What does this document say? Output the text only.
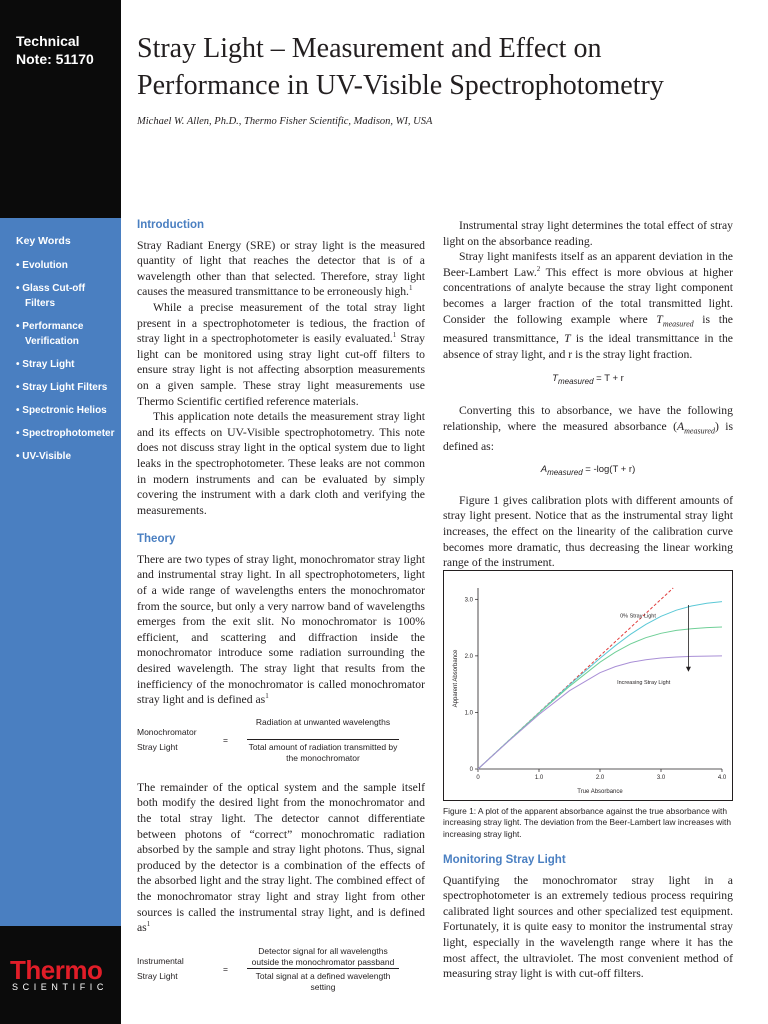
Technical
Note: 51170
Key Words
• Evolution
• Glass Cut-off Filters
• Performance Verification
• Stray Light
• Stray Light Filters
• Spectronic Helios
• Spectrophotometer
• UV-Visible
Thermo
SCIENTIFIC
Stray Light – Measurement and Effect on
Performance in UV-Visible Spectrophotometry
Michael W. Allen, Ph.D., Thermo Fisher Scientific, Madison, WI, USA
Introduction

Stray Radiant Energy (SRE) or stray light is the measured quantity of light that reaches the detector that is of a wavelength other than that selected. Therefore, stray light causes the measured transmittance to be erroneously high.$^1$

While a precise measurement of the total stray light present in a spectrophotometer is tedious, the fraction of stray light in a spectrophotometer is easily evaluated.$^1$ Stray light can be monitored using stray light cut-off filters to ensure stray light is not affecting absorption measurements on a given sample. These stray light measurements use Thermo Scientific certified reference materials.

This application note details the measurement stray light and its effects on UV-Visible spectrophotometry. This note does not discuss stray light in the optical system due to light leaks in the spectrophotometer. These leaks are not common in modern instruments and can be evaluated by simply covering the instrument with a dark cloth and verifying the measurements.

Theory

There are two types of stray light, monochromator stray light and instrumental stray light. In all spectrophotometers, light of a wide range of wavelengths enters the monochromator from the source, but only a very narrow band of wavelengths emerges from the exit slit. No monochromator is 100% efficient, and scattering and diffraction inside the monochromator introduce some radiation surrounding the desired wavelength. The stray light that results from the inefficiency of the monochromator is called monochromator stray light and is defined $as^1$

Monochromator
Stray Light
=
Radiation at unwanted wavelengths
Total amount of radiation transmitted by the monochromator

The remainder of the optical system and the sample itself both modify the desired light from the monochromator and the total stray light. The detector cannot differentiate between photons of “correct” monochromatic radiation absorbed by the sample and stray light photons. Thus, signal produced by the detector is a combination of the effects of the absorbed light and the stray light. The combined effect of the monochromator stray light and stray light from other sources is called the instrumental stray light, and is defined $as^1$

Instrumental
Stray Light
=
Detector signal for all wavelengths outside the monochromator passband
Total signal at a defined wavelength setting

Instrumental stray light determines the total effect of stray light on the absorbance reading.

Stray light manifests itself as an apparent deviation in the Beer-Lambert Law.$^2$ This effect is more obvious at higher concentrations of analyte because the stray light component becomes a larger fraction of the total transmitted light. Consider the following example where $T_{measured}$ is the measured transmittance, T is the ideal transmittance in the absence of stray light, and r is the stray light fraction.

$T_{measured} = T + r$

Converting this to absorbance, we have the following relationship, where the measured absorbance $(A_{measured})$ is defined as:

$A_{measured} = -\log(T + r)$

Figure 1 gives calibration plots with different amounts of stray light present. Notice that as the instrumental stray light increases, the effect on the linearity of the calibration curve becomes more dramatic, thus decreasing the linear working range of the instrument.

0	1.0	2.0	3.0	4.0
0
1.0
2.0
3.0
True Absorbance
Apparent Absorbance
0% Stray Light
Increasing Stray Light
Figure 1: A plot of the apparent absorbance against the true absorbance with increasing stray light. The deviation from the Beer-Lambert law increases with increasing stray light.
Monitoring Stray Light

Quantifying the monochromator stray light in a spectrophotometer is an extremely tedious process requiring calibrated light sources and other specialized test equipment. Fortunately, it is quite easy to monitor the instrumental stray light, especially in the wavelength range where it has the most affect, the ultraviolet. The most convenient method of measuring stray light is with cut-off filters.
